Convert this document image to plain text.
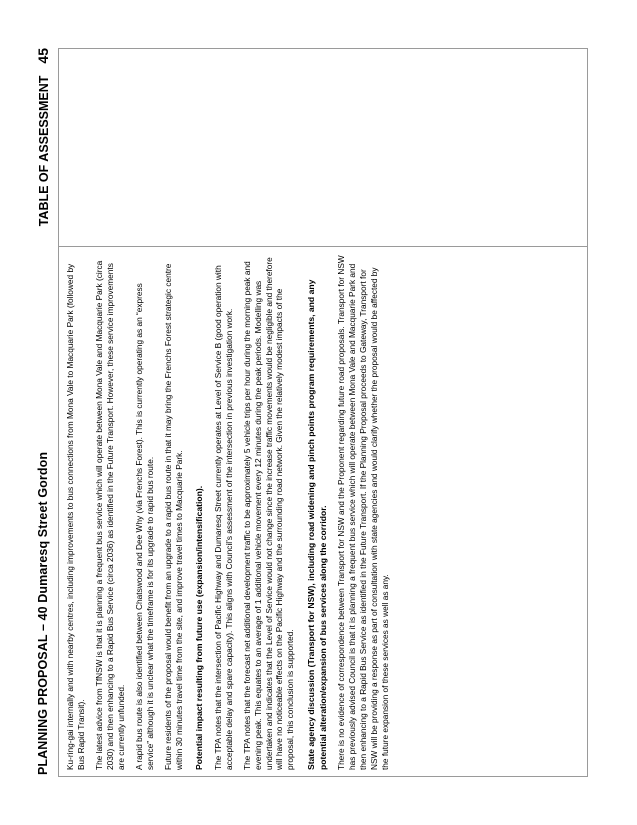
PLANNING PROPOSAL – 40 Dumaresq Street Gordon
TABLE OF ASSESSMENT45

Ku-ring-gai internally and with nearby centres, including improvements to bus connections from Mona Vale to Macquarie Park (followed by Bus Rapid Transit). The latest advice from TfNSW is that it is planning a frequent bus service which will operate between Mona Vale and Macquarie Park (circa 2030) and then enhancing to a Rapid Bus Service (circa 2036) as identified in the Future Transport. However, these service improvements are currently unfunded. A rapid bus route is also identified between Chatswood and Dee Why (via Frenchs Forest). This is currently operating as an “express service” although it is unclear what the timeframe is for its upgrade to rapid bus route. Future residents of the proposal would benefit from an upgrade to a rapid bus route in that it may bring the Frenchs Forest strategic centre within 30 minutes travel time from the site, and improve travel times to Macquarie Park. Potential impact resulting from future use (expansion/intensification). The TPA notes that the intersection of Pacific Highway and Dumaresq Street currently operates at Level of Service B (good operation with acceptable delay and spare capacity). This aligns with Council’s assessment of the intersection in previous investigation work. The TPA notes that the forecast net additional development traffic to be approximately 5 vehicle trips per hour during the morning peak and evening peak. This equates to an average of 1 additional vehicle movement every 12 minutes during the peak periods. Modelling was undertaken and indicates that the Level of Service would not change since the increase traffic movements would be negligible and therefore will have no noticeable effects on the Pacific Highway and the surrounding road network. Given the relatively modest impacts of the proposal, this conclusion is supported. State agency discussion (Transport for NSW), including road widening and pinch points program requirements, and any potential alteration/expansion of bus services along the corridor. There is no evidence of correspondence between Transport for NSW and the Proponent regarding future road proposals. Transport for NSW has previously advised Council is that it is planning a frequent bus service which will operate between Mona Vale and Macquarie Park and then enhancing to a Rapid Bus Service as identified in the Future Transport. If the Planning Proposal proceeds to Gateway, Transport for NSW will be providing a response as part of consultation with state agencies and would clarify whether the proposal would be affected by the future expansion of these services as well as any.
